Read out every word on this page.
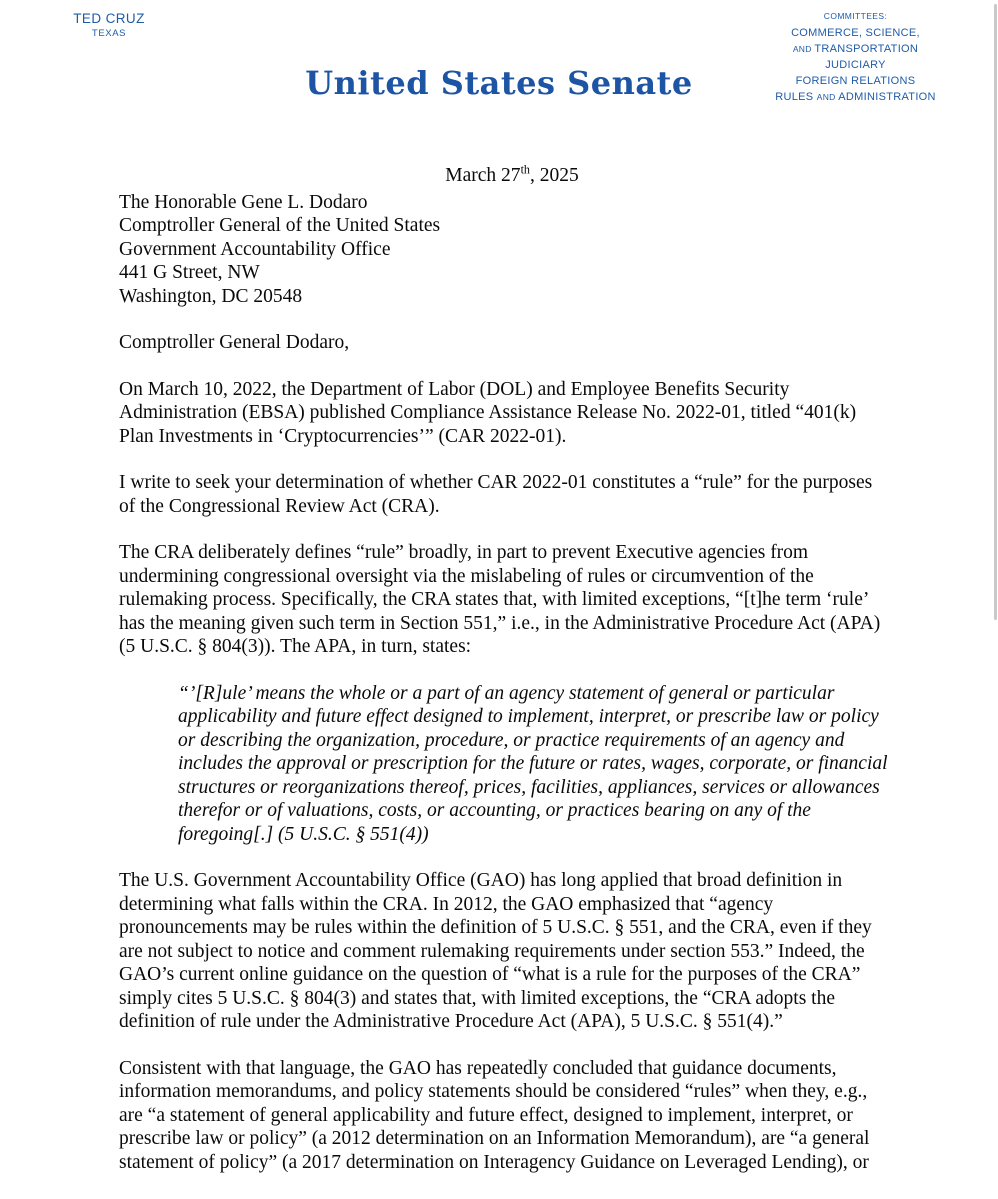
TED CRUZ
TEXAS
United States Senate
COMMITTEES:
COMMERCE, SCIENCE,
AND TRANSPORTATION
JUDICIARY
FOREIGN RELATIONS
RULES AND ADMINISTRATION
March 27th, 2025

The Honorable Gene L. Dodaro

Comptroller General of the United States

Government Accountability Office

441 G Street, NW

Washington, DC 20548

Comptroller General Dodaro,

On March 10, 2022, the Department of Labor (DOL) and Employee Benefits Security Administration (EBSA) published Compliance Assistance Release No. 2022-01, titled “401(k) Plan Investments in ‘Cryptocurrencies’” (CAR 2022-01).

I write to seek your determination of whether CAR 2022-01 constitutes a “rule” for the purposes of the Congressional Review Act (CRA).

The CRA deliberately defines “rule” broadly, in part to prevent Executive agencies from undermining congressional oversight via the mislabeling of rules or circumvention of the rulemaking process. Specifically, the CRA states that, with limited exceptions, “[t]he term ‘rule’ has the meaning given such term in Section 551,” i.e., in the Administrative Procedure Act (APA) (5 U.S.C. § 804(3)). The APA, in turn, states:

“’[R]ule’ means the whole or a part of an agency statement of general or particular applicability and future effect designed to implement, interpret, or prescribe law or policy or describing the organization, procedure, or practice requirements of an agency and includes the approval or prescription for the future or rates, wages, corporate, or financial structures or reorganizations thereof, prices, facilities, appliances, services or allowances therefor or of valuations, costs, or accounting, or practices bearing on any of the foregoing[.] (5 U.S.C. § 551(4))

The U.S. Government Accountability Office (GAO) has long applied that broad definition in determining what falls within the CRA. In 2012, the GAO emphasized that “agency pronouncements may be rules within the definition of 5 U.S.C. § 551, and the CRA, even if they are not subject to notice and comment rulemaking requirements under section 553.” Indeed, the GAO’s current online guidance on the question of “what is a rule for the purposes of the CRA” simply cites 5 U.S.C. § 804(3) and states that, with limited exceptions, the “CRA adopts the definition of rule under the Administrative Procedure Act (APA), 5 U.S.C. § 551(4).”

Consistent with that language, the GAO has repeatedly concluded that guidance documents, information memorandums, and policy statements should be considered “rules” when they, e.g., are “a statement of general applicability and future effect, designed to implement, interpret, or prescribe law or policy” (a 2012 determination on an Information Memorandum), are “a general statement of policy” (a 2017 determination on Interagency Guidance on Leveraged Lending), or
